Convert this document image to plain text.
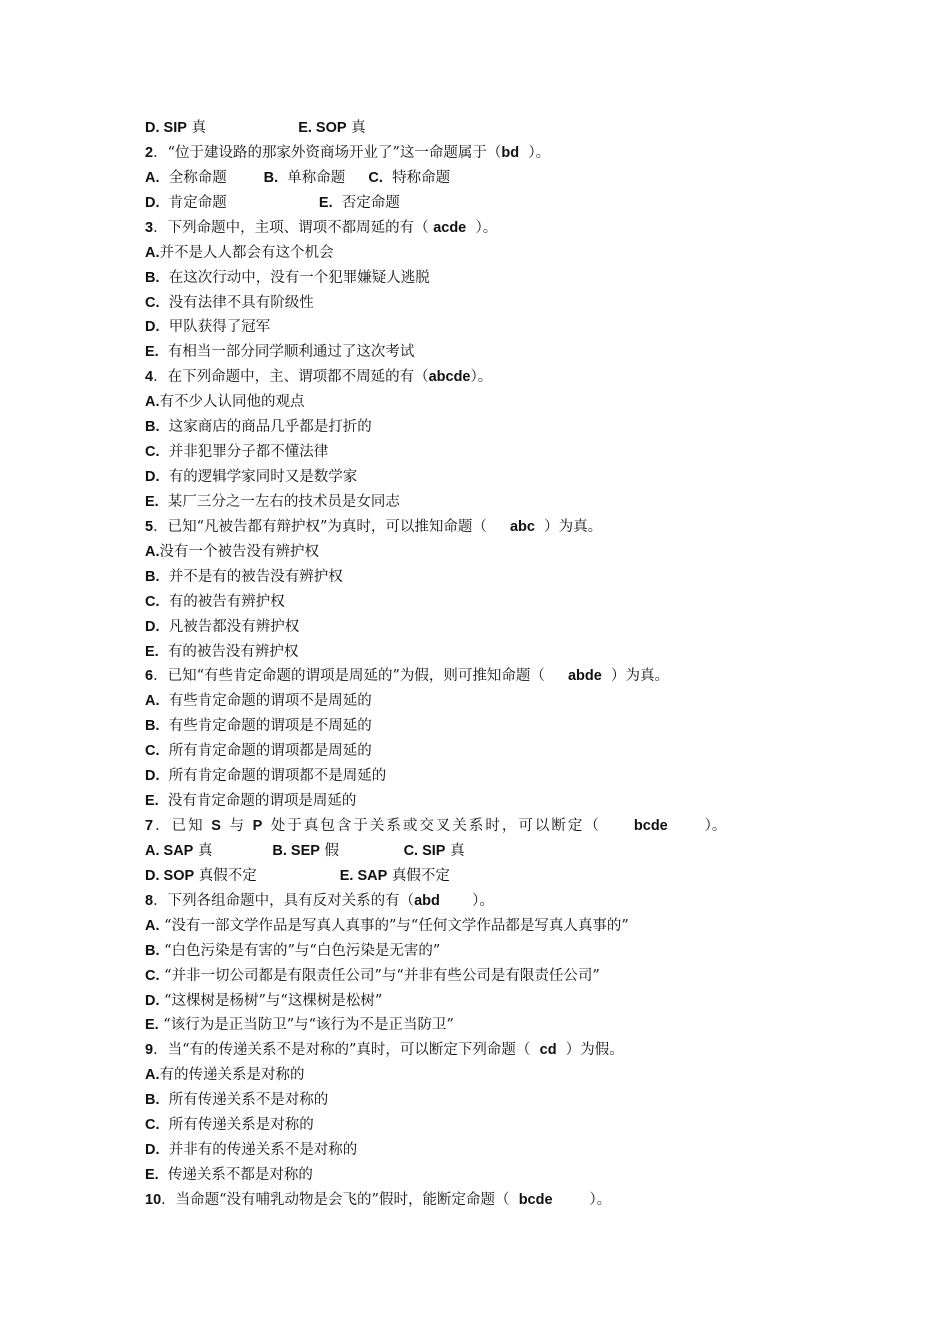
D. SIP 真                    E. SOP 真
2．“位于建设路的那家外资商场开业了”这一命题属于（bd  ）。
A.  全称命题        B.  单称命题     C.  特称命题
D.  肯定命题                    E.  否定命题
3．下列命题中，主项、谓项不都周延的有（ acde  ）。
A.并不是人人都会有这个机会
B.  在这次行动中，没有一个犯罪嫌疑人逃脱
C.  没有法律不具有阶级性
D.  甲队获得了冠军
E.  有相当一部分同学顺利通过了这次考试
4．在下列命题中，主、谓项都不周延的有（abcde）。
A.有不少人认同他的观点
B.  这家商店的商品几乎都是打折的
C.  并非犯罪分子都不懂法律
D.  有的逻辑学家同时又是数学家
E.  某厂三分之一左右的技术员是女同志
5．已知“凡被告都有辩护权”为真时，可以推知命题（     abc  ）为真。
A.没有一个被告没有辨护权
B.  并不是有的被告没有辨护权
C.  有的被告有辨护权
D.  凡被告都没有辨护权
E.  有的被告没有辨护权
6．已知“有些肯定命题的谓项是周延的”为假，则可推知命题（     abde  ）为真。
A.  有些肯定命题的谓项不是周延的
B.  有些肯定命题的谓项是不周延的
C.  所有肯定命题的谓项都是周延的
D.  所有肯定命题的谓项都不是周延的
E.  没有肯定命题的谓项是周延的
7．已知 S 与 P 处于真包含于关系或交叉关系时，可以断定（     bcde        ）。
A. SAP 真             B. SEP 假              C. SIP 真
D. SOP 真假不定                  E. SAP 真假不定
8．下列各组命题中，具有反对关系的有（abd       ）。
A. “没有一部文学作品是写真人真事的”与“任何文学作品都是写真人真事的”
B. “白色污染是有害的”与“白色污染是无害的”
C. “并非一切公司都是有限责任公司”与“并非有些公司是有限责任公司”
D. “这棵树是杨树”与“这棵树是松树”
E. “该行为是正当防卫”与“该行为不是正当防卫”
9．当“有的传递关系不是对称的”真时，可以断定下列命题（  cd  ）为假。
A.有的传递关系是对称的
B.  所有传递关系不是对称的
C.  所有传递关系是对称的
D.  并非有的传递关系不是对称的
E.  传递关系不都是对称的
10．当命题“没有哺乳动物是会飞的”假时，能断定命题（  bcde        ）。
